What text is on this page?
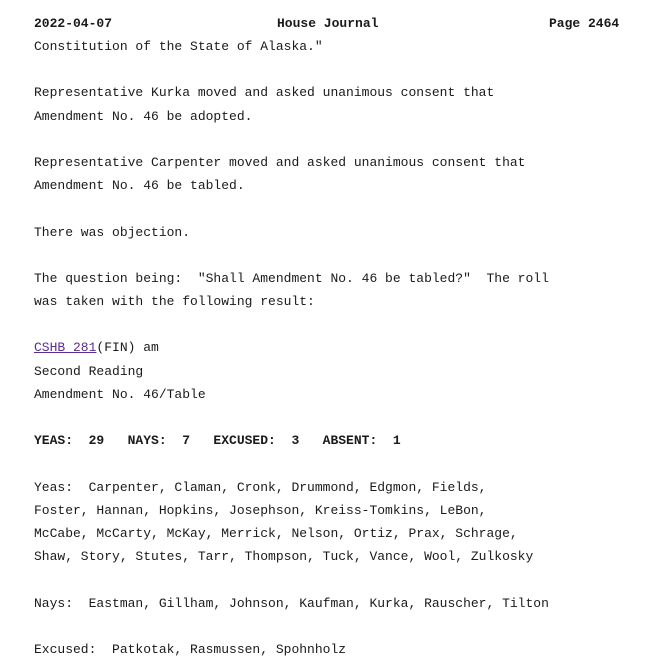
2022-04-07	House Journal	Page 2464
Constitution of the State of Alaska."
Representative Kurka moved and asked unanimous consent that
Amendment No. 46 be adopted.
Representative Carpenter moved and asked unanimous consent that
Amendment No. 46 be tabled.
There was objection.
The question being:  "Shall Amendment No. 46 be tabled?"  The roll
was taken with the following result:
CSHB 281(FIN) am
Second Reading
Amendment No. 46/Table
YEAS:  29   NAYS:  7   EXCUSED:  3   ABSENT:  1
Yeas:  Carpenter, Claman, Cronk, Drummond, Edgmon, Fields,
Foster, Hannan, Hopkins, Josephson, Kreiss-Tomkins, LeBon,
McCabe, McCarty, McKay, Merrick, Nelson, Ortiz, Prax, Schrage,
Shaw, Story, Stutes, Tarr, Thompson, Tuck, Vance, Wool, Zulkosky
Nays:  Eastman, Gillham, Johnson, Kaufman, Kurka, Rauscher, Tilton
Excused:  Patkotak, Rasmussen, Spohnholz
